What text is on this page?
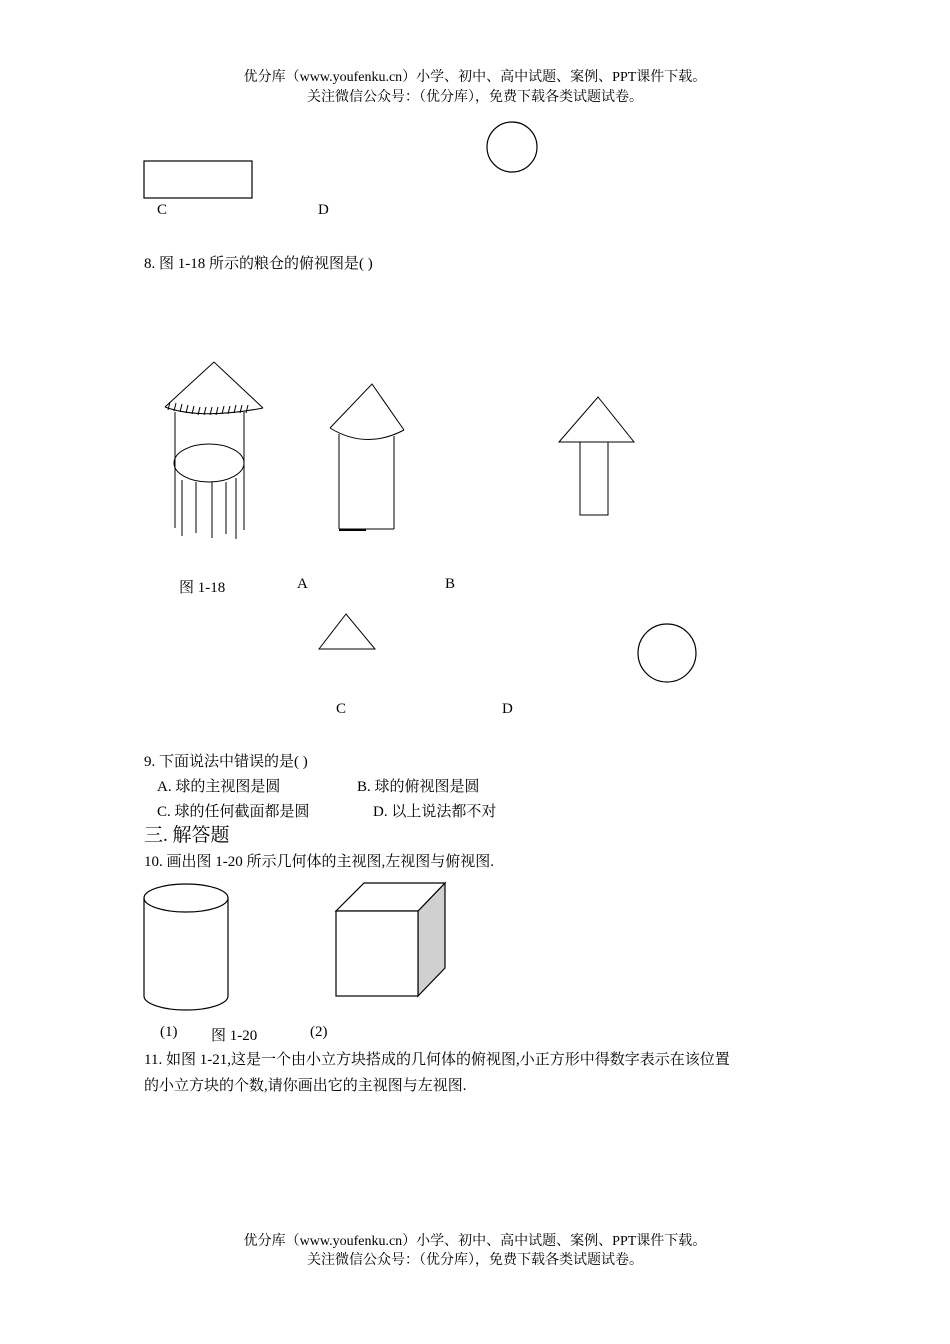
优分库（www.youfenku.cn）小学、初中、高中试题、案例、PPT课件下载。
关注微信公众号：（优分库），免费下载各类试题试卷。
C	D
8. 图 1-18 所示的粮仓的俯视图是( )
图 1-18	A	B
C	D
9. 下面说法中错误的是( )
A. 球的主视图是圆	B. 球的俯视图是圆
C. 球的任何截面都是圆	D. 以上说法都不对
三. 解答题
10. 画出图 1-20 所示几何体的主视图,左视图与俯视图.
(1) 图 1-20	(2)
11. 如图 1-21,这是一个由小立方块搭成的几何体的俯视图,小正方形中得数字表示在该位置
的小立方块的个数,请你画出它的主视图与左视图.
优分库（www.youfenku.cn）小学、初中、高中试题、案例、PPT课件下载。
关注微信公众号：（优分库），免费下载各类试题试卷。
